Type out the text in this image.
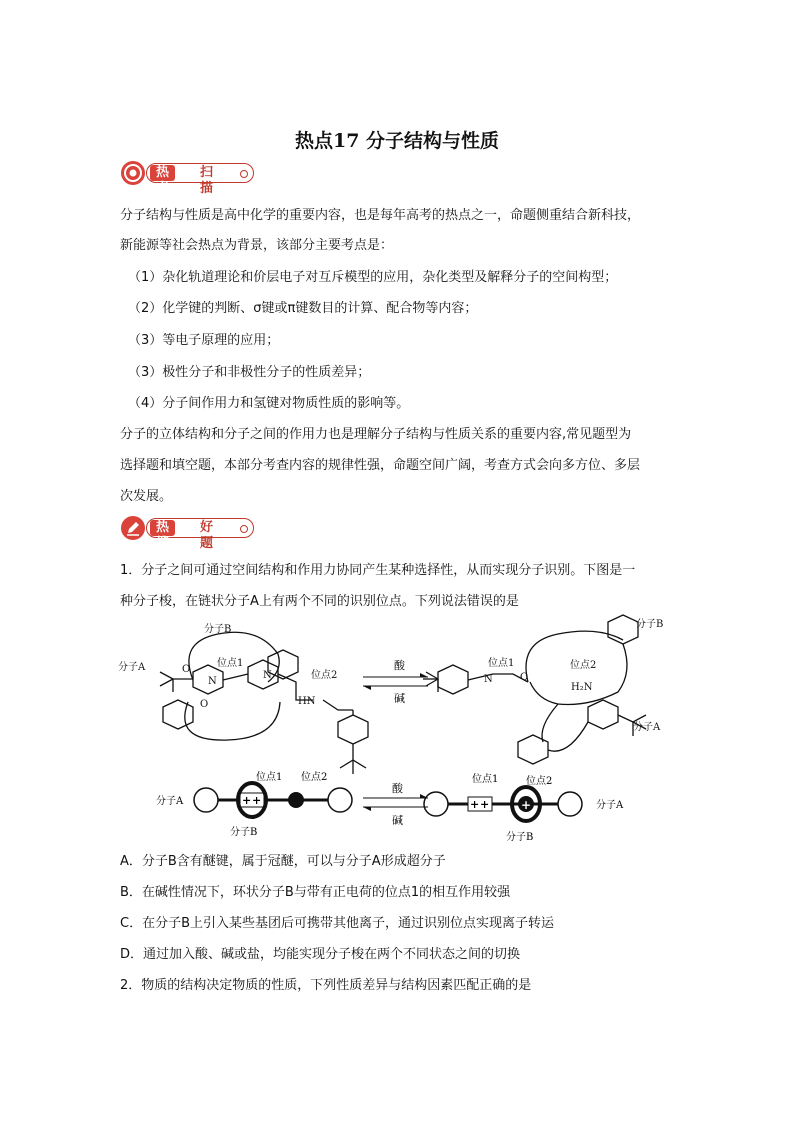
热点17 分子结构与性质
热点
扫描
分子结构与性质是高中化学的重要内容，也是每年高考的热点之一，命题侧重结合新科技，
新能源等社会热点为背景，该部分主要考点是：
（1）杂化轨道理论和价层电子对互斥模型的应用，杂化类型及解释分子的空间构型；
（2）化学键的判断、σ键或π键数目的计算、配合物等内容；
（3）等电子原理的应用；
（3）极性分子和非极性分子的性质差异；
（4）分子间作用力和氢键对物质性质的影响等。
分子的立体结构和分子之间的作用力也是理解分子结构与性质关系的重要内容,常见题型为
选择题和填空题，本部分考查内容的规律性强，命题空间广阔，考查方式会向多方位、多层
次发展。
热搜
好题
1．分子之间可通过空间结构和作用力协同产生某种选择性，从而实现分子识别。下图是一
种分子梭，在链状分子A上有两个不同的识别位点。下列说法错误的是
分子A
分子B
位点1
位点2
N
N
HN
O
O
酸
碱
分子B
分子A
位点1	位点2
N
H₂N
O
分子A	+ +
位点1 位点2
分子B
酸
碱
+ +	+	分子A
位点1	位点2
分子B
A．分子B含有醚键，属于冠醚，可以与分子A形成超分子
B．在碱性情况下，环状分子B与带有正电荷的位点1的相互作用较强
C．在分子B上引入某些基团后可携带其他离子，通过识别位点实现离子转运
D．通过加入酸、碱或盐，均能实现分子梭在两个不同状态之间的切换
2．物质的结构决定物质的性质，下列性质差异与结构因素匹配正确的是
